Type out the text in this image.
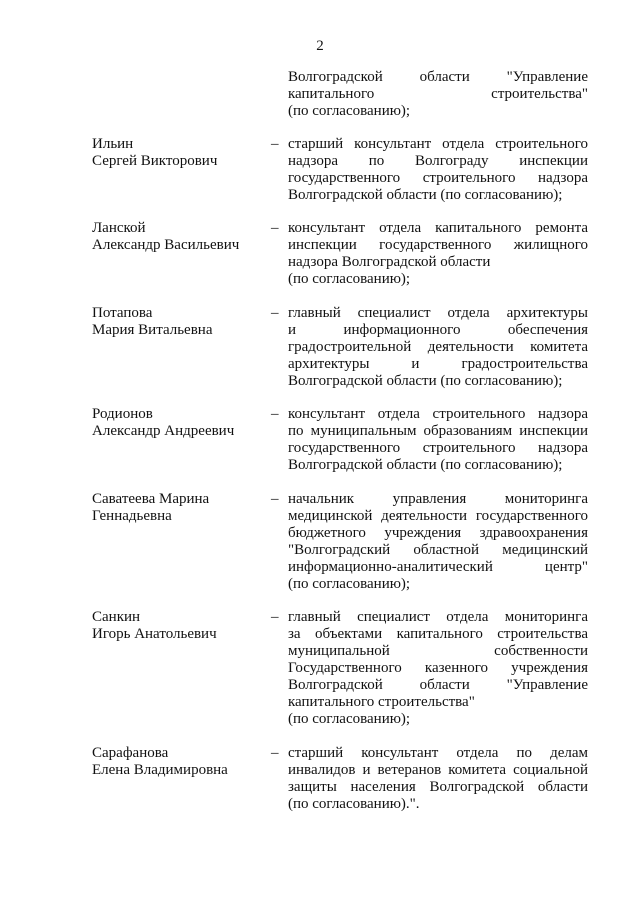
2
Волгоградской области "Управление
капитального строительства"
(по согласованию);
Ильин
Сергей Викторович
– старший консультант отдела строительного
надзора по Волгограду инспекции
государственного строительного надзора
Волгоградской области (по согласованию);
Ланской
Александр Васильевич
– консультант отдела капитального ремонта
инспекции государственного жилищного
надзора Волгоградской области
(по согласованию);
Потапова
Мария Витальевна
– главный специалист отдела архитектуры
и информационного обеспечения
градостроительной деятельности комитета
архитектуры и градостроительства
Волгоградской области (по согласованию);
Родионов
Александр Андреевич
– консультант отдела строительного надзора
по муниципальным образованиям инспекции
государственного строительного надзора
Волгоградской области (по согласованию);
Саватеева Марина
Геннадьевна
– начальник управления мониторинга
медицинской деятельности государственного
бюджетного учреждения здравоохранения
"Волгоградский областной медицинский
информационно-аналитический центр"
(по согласованию);
Санкин
Игорь Анатольевич
– главный специалист отдела мониторинга
за объектами капитального строительства
муниципальной собственности
Государственного казенного учреждения
Волгоградской области "Управление
капитального строительства"
(по согласованию);
Сарафанова
Елена Владимировна
– старший консультант отдела по делам
инвалидов и ветеранов комитета социальной
защиты населения Волгоградской области
(по согласованию).".
